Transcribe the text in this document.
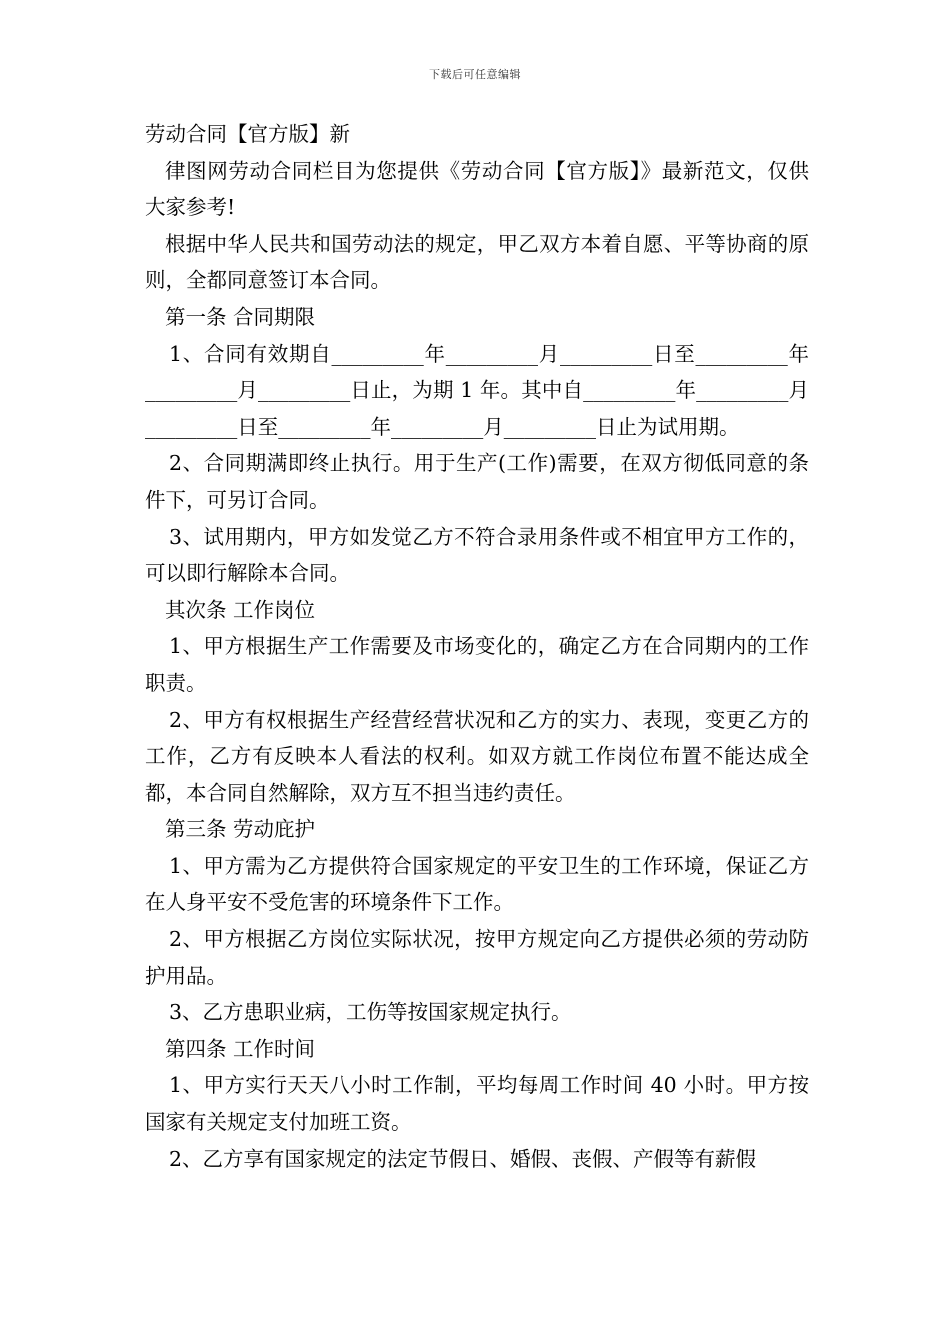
下载后可任意编辑

劳动合同【官方版】新

律图网劳动合同栏目为您提供《劳动合同【官方版】》最新范文，仅供大家参考!

根据中华人民共和国劳动法的规定，甲乙双方本着自愿、平等协商的原则，全都同意签订本合同。

第一条 合同期限

1、合同有效期自_________年_________月_________日至_________年_________月_________日止，为期 1 年。其中自_________年_________月_________日至_________年_________月_________日止为试用期。

2、合同期满即终止执行。用于生产(工作)需要，在双方彻低同意的条件下，可另订合同。

3、试用期内，甲方如发觉乙方不符合录用条件或不相宜甲方工作的，可以即行解除本合同。

其次条 工作岗位

1、甲方根据生产工作需要及市场变化的，确定乙方在合同期内的工作职责。

2、甲方有权根据生产经营经营状况和乙方的实力、表现，变更乙方的工作，乙方有反映本人看法的权利。如双方就工作岗位布置不能达成全都，本合同自然解除，双方互不担当违约责任。

第三条 劳动庇护

1、甲方需为乙方提供符合国家规定的平安卫生的工作环境，保证乙方在人身平安不受危害的环境条件下工作。

2、甲方根据乙方岗位实际状况，按甲方规定向乙方提供必须的劳动防护用品。

3、乙方患职业病，工伤等按国家规定执行。

第四条 工作时间

1、甲方实行天天八小时工作制，平均每周工作时间 40 小时。甲方按国家有关规定支付加班工资。

2、乙方享有国家规定的法定节假日、婚假、丧假、产假等有薪假
